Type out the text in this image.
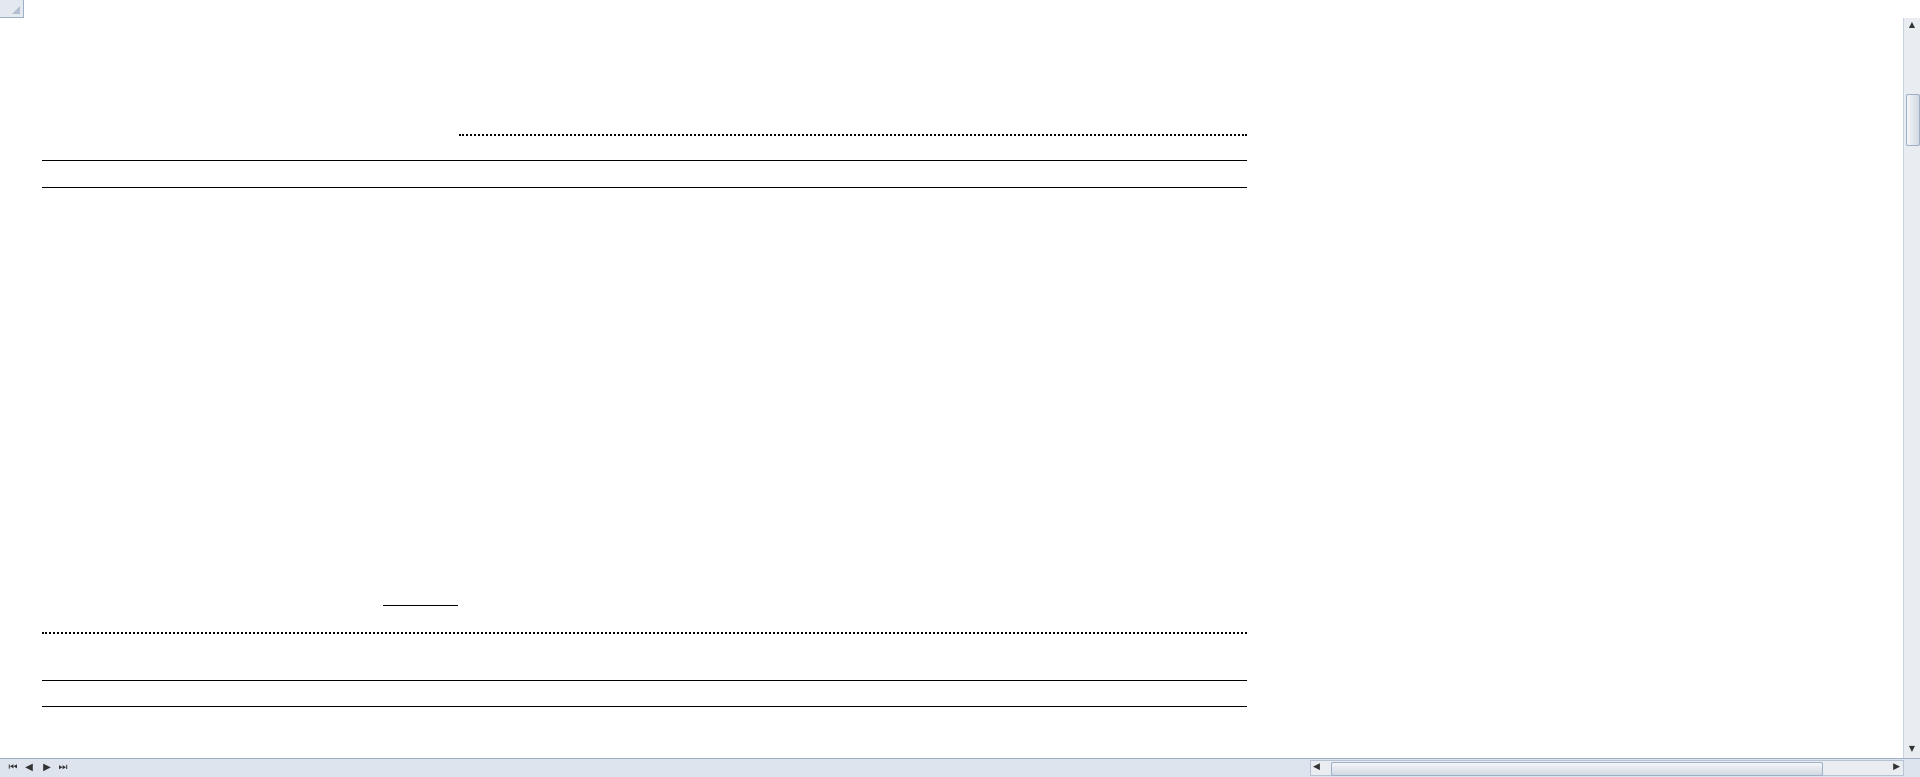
▲
▼
⏮ ◀	▶ ⏭	◀	▶
